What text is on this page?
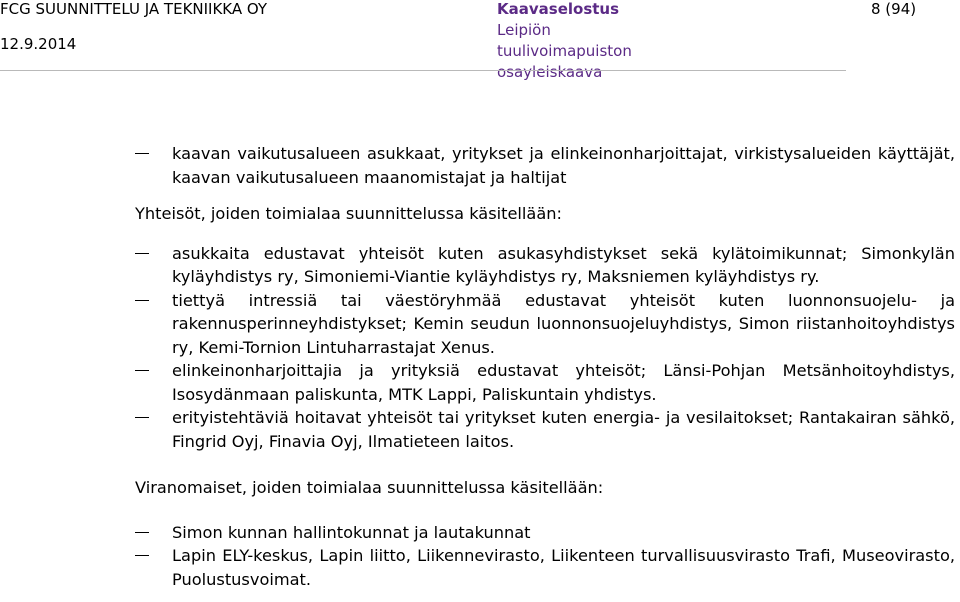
FCG SUUNNITTELU JA TEKNIIKKA OY
12.9.2014
Kaavaselostus
Leipiön
tuulivoimapuiston
osayleiskaava
8 (94)
kaavan vaikutusalueen asukkaat, yritykset ja elinkeinonharjoittajat, virkistysalueiden käyttäjät, kaavan vaikutusalueen maanomistajat ja haltijat
Yhteisöt, joiden toimialaa suunnittelussa käsitellään:
asukkaita edustavat yhteisöt kuten asukasyhdistykset sekä kylätoimikunnat; Simonkylän kyläyhdistys ry, Simoniemi-Viantie kyläyhdistys ry, Maksniemen kyläyhdistys ry.
tiettyä intressiä tai väestöryhmää edustavat yhteisöt kuten luonnonsuojelu- ja rakennusperinneyhdistykset; Kemin seudun luonnonsuojeluyhdistys, Simon riistanhoitoyhdistys ry, Kemi-Tornion Lintuharrastajat Xenus.
elinkeinonharjoittajia ja yrityksiä edustavat yhteisöt; Länsi-Pohjan Metsänhoitoyhdistys, Isosydänmaan paliskunta, MTK Lappi, Paliskuntain yhdistys.
erityistehtäviä hoitavat yhteisöt tai yritykset kuten energia- ja vesilaitokset; Rantakairan sähkö, Fingrid Oyj, Finavia Oyj, Ilmatieteen laitos.
Viranomaiset, joiden toimialaa suunnittelussa käsitellään:
Simon kunnan hallintokunnat ja lautakunnat
Lapin ELY-keskus, Lapin liitto, Liikennevirasto, Liikenteen turvallisuusvirasto Trafi, Museovirasto, Puolustusvoimat.
